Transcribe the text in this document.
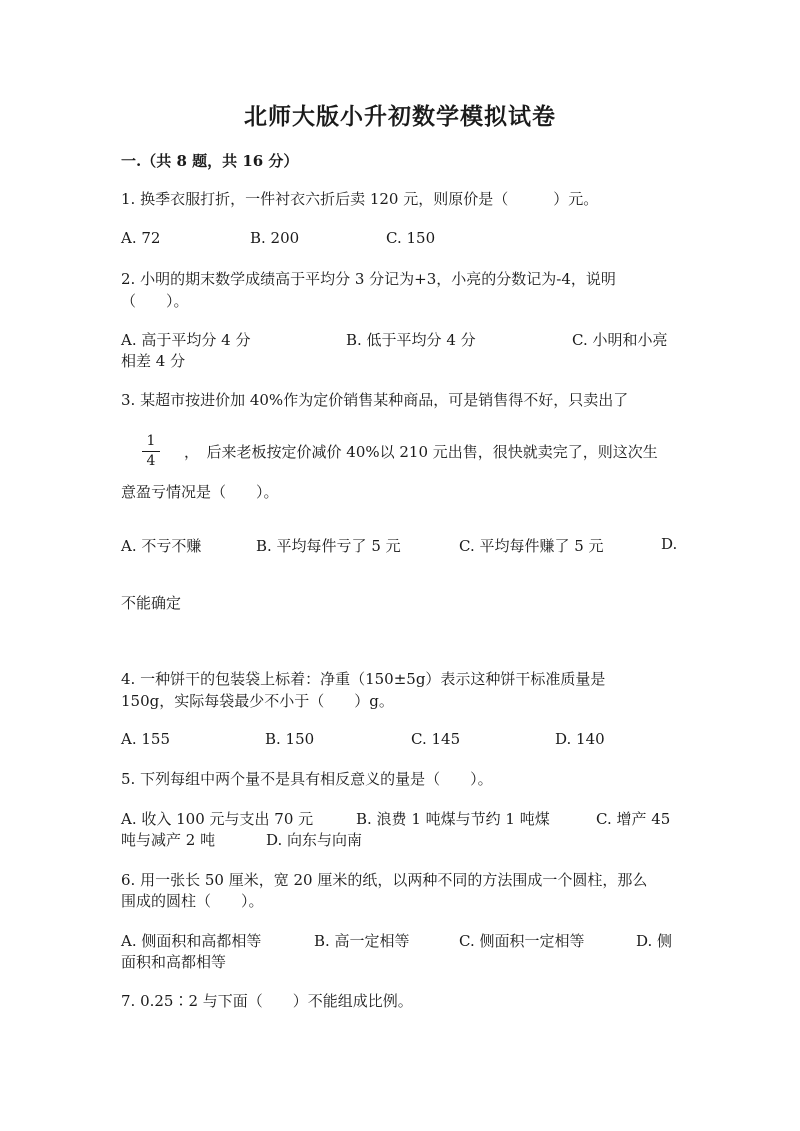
北师大版小升初数学模拟试卷
一.（共 8 题，共 16 分）
1. 换季衣服打折，一件衬衣六折后卖 120 元，则原价是（　　　）元。
A. 72	B. 200	C. 150
2. 小明的期末数学成绩高于平均分 3 分记为+3，小亮的分数记为-4，说明
（　　）。
A. 高于平均分 4 分	B. 低于平均分 4 分	C. 小明和小亮
相差 4 分
3. 某超市按进价加 40%作为定价销售某种商品，可是销售得不好，只卖出了
$\frac{1}{4}$ ，　后来老板按定价减价 40%以 210 元出售，很快就卖完了，则这次生
意盈亏情况是（　　）。
A. 不亏不赚	B. 平均每件亏了 5 元	C. 平均每件赚了 5 元	D.
不能确定
4. 一种饼干的包装袋上标着：净重（150±5g）表示这种饼干标准质量是
150g，实际每袋最少不小于（　　）g。
A. 155	B. 150	C. 145	D. 140
5. 下列每组中两个量不是具有相反意义的量是（　　）。
A. 收入 100 元与支出 70 元	B. 浪费 1 吨煤与节约 1 吨煤	C. 增产 45
吨与减产 2 吨	D. 向东与向南
6. 用一张长 50 厘米，宽 20 厘米的纸，以两种不同的方法围成一个圆柱，那么
围成的圆柱（　　）。
A. 侧面积和高都相等	B. 高一定相等	C. 侧面积一定相等	D. 侧
面积和高都相等
7. 0.25∶2 与下面（　　）不能组成比例。
